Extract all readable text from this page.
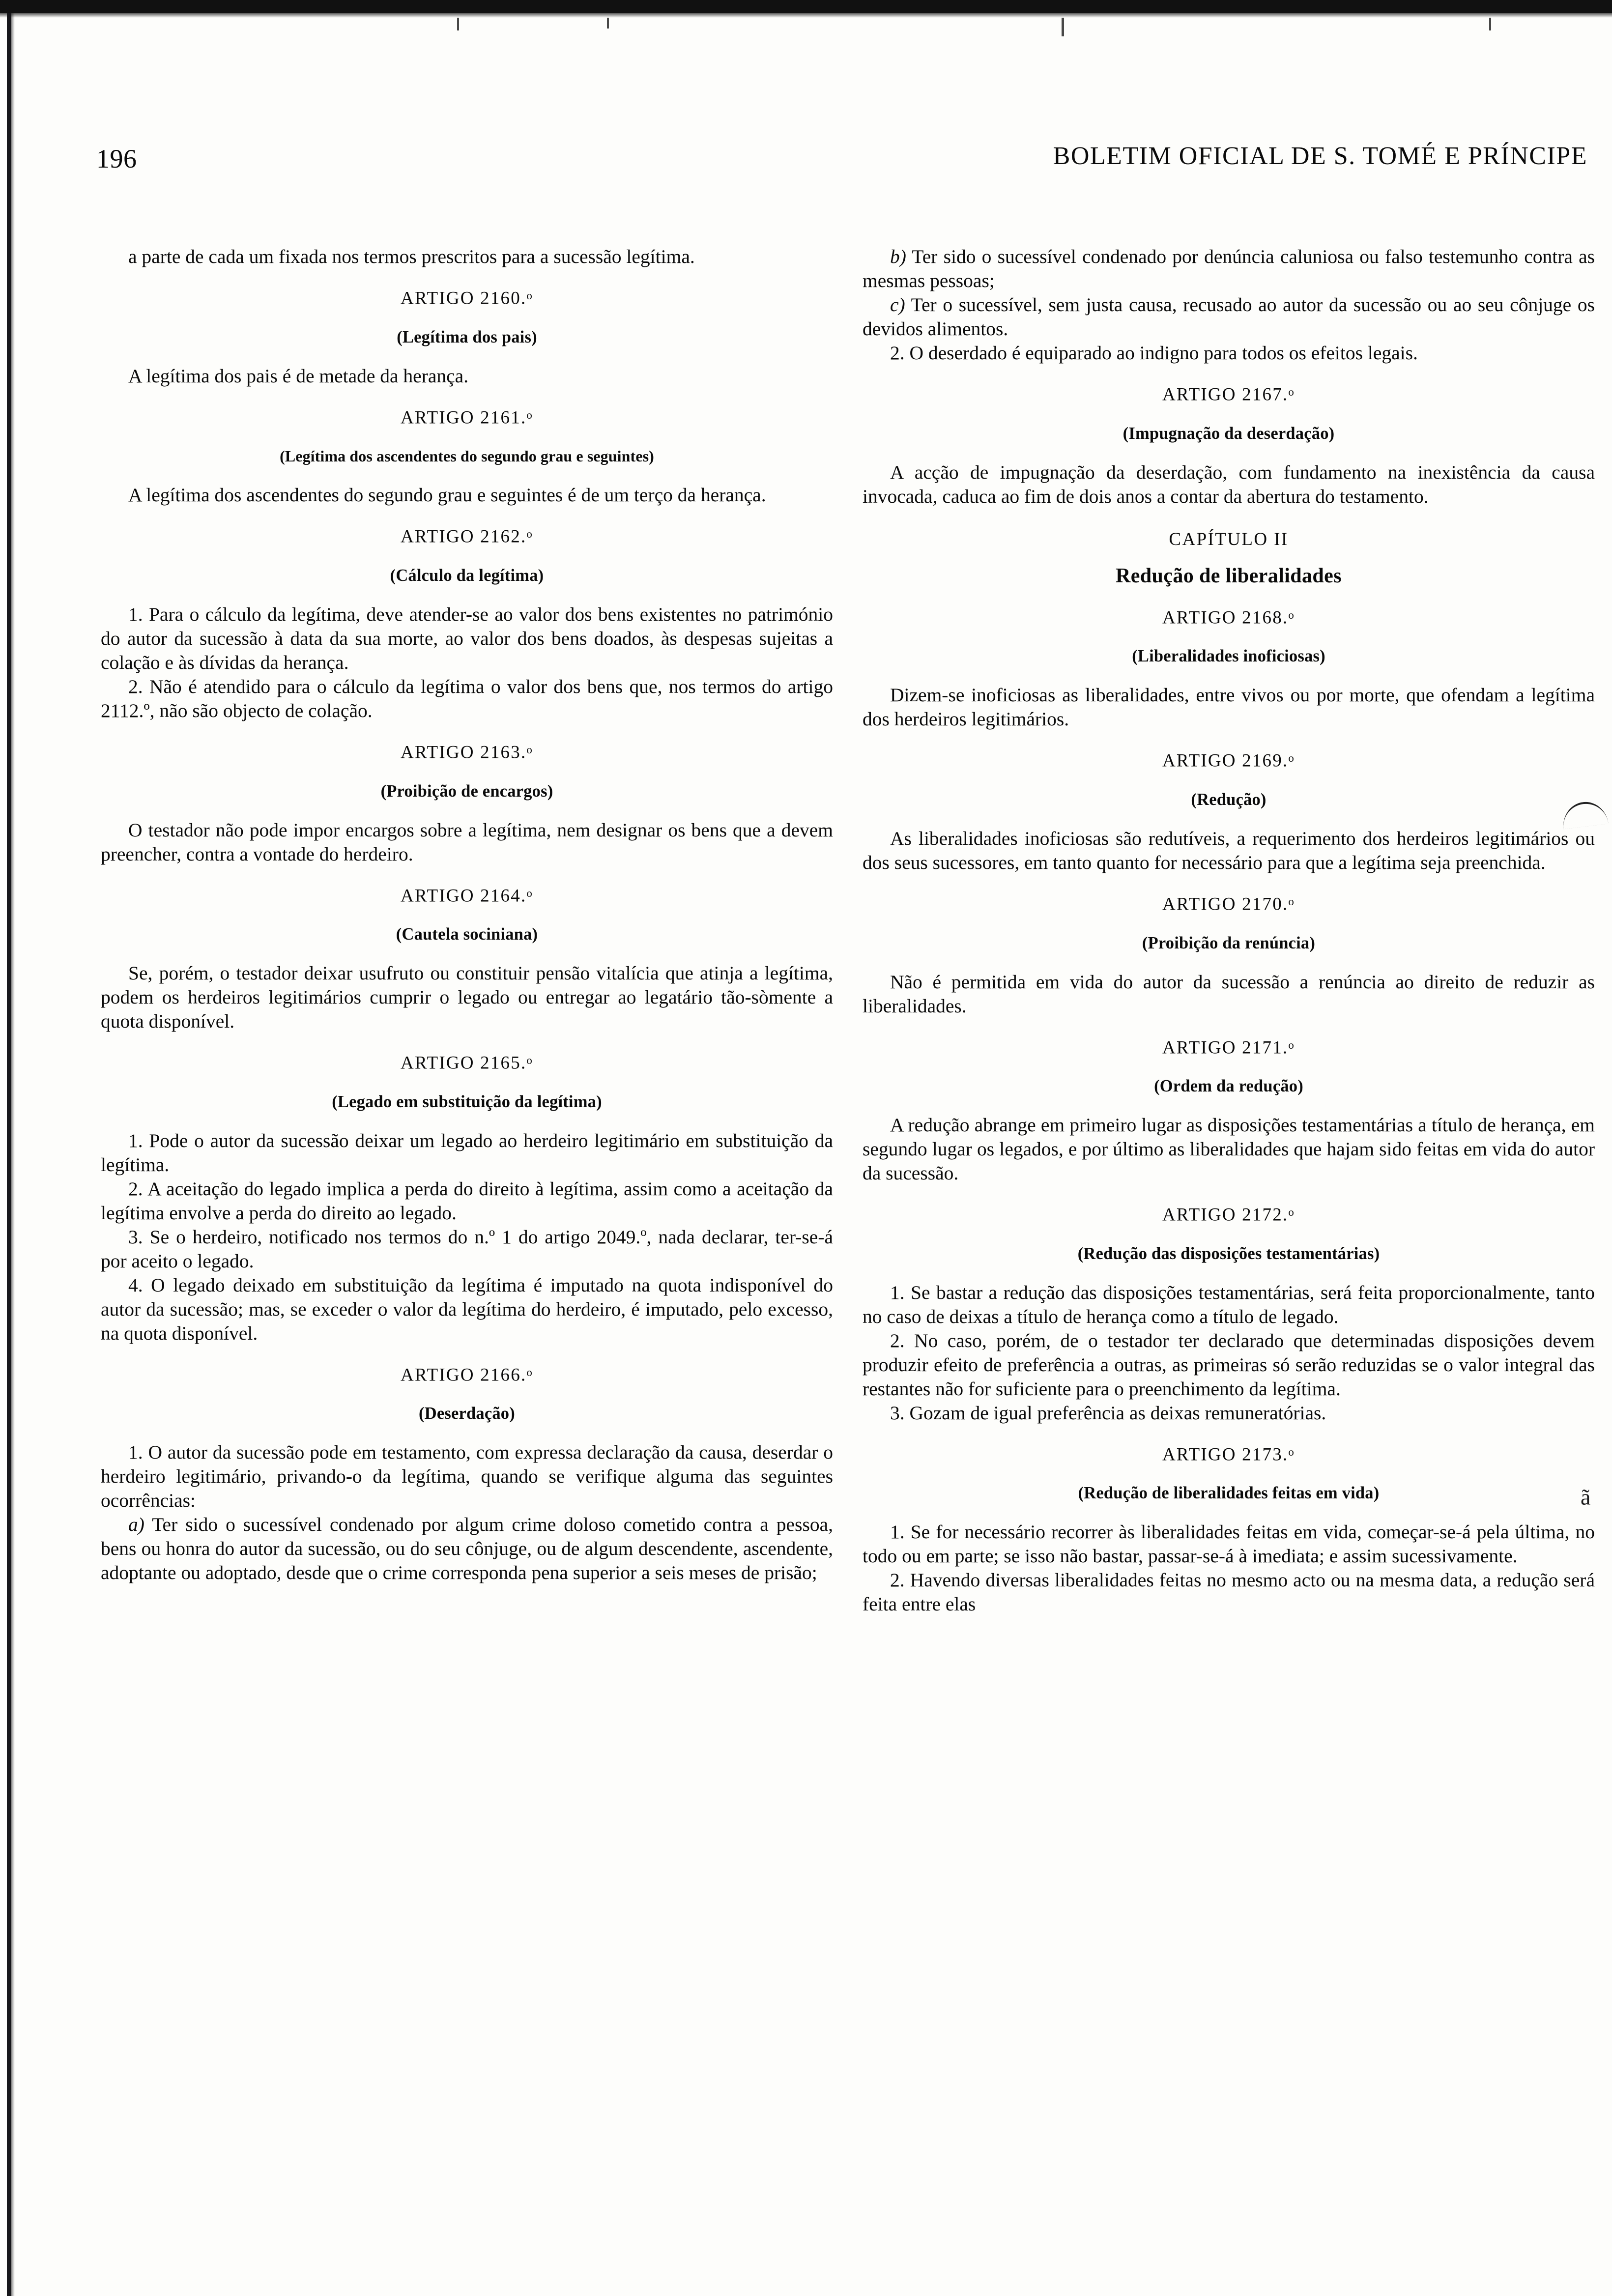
196	BOLETIM OFICIAL DE S. TOMÉ E PRÍNCIPE

a parte de cada um fixada nos termos prescritos para a sucessão legítima.

ARTIGO 2160.$^o$

(Legítima dos pais)

A legítima dos pais é de metade da herança.

ARTIGO 2161.$^o$

(Legítima dos ascendentes do segundo grau e seguintes)

A legítima dos ascendentes do segundo grau e seguintes é de um terço da herança.

ARTIGO 2162.$^o$

(Cálculo da legítima)

1. Para o cálculo da legítima, deve atender-se ao valor dos bens existentes no património do autor da sucessão à data da sua morte, ao valor dos bens doados, às despesas sujeitas a colação e às dívidas da herança.

2. Não é atendido para o cálculo da legítima o valor dos bens que, nos termos do artigo 2112.º, não são objecto de colação.

ARTIGO 2163.$^o$

(Proibição de encargos)

O testador não pode impor encargos sobre a legítima, nem designar os bens que a devem preencher, contra a vontade do herdeiro.

ARTIGO 2164.$^o$

(Cautela sociniana)

Se, porém, o testador deixar usufruto ou constituir pensão vitalícia que atinja a legítima, podem os herdeiros legitimários cumprir o legado ou entregar ao legatário tão-sòmente a quota disponível.

ARTIGO 2165.$^o$

(Legado em substituição da legítima)

1. Pode o autor da sucessão deixar um legado ao herdeiro legitimário em substituição da legítima.

2. A aceitação do legado implica a perda do direito à legítima, assim como a aceitação da legítima envolve a perda do direito ao legado.

3. Se o herdeiro, notificado nos termos do n.º 1 do artigo 2049.º, nada declarar, ter-se-á por aceito o legado.

4. O legado deixado em substituição da legítima é imputado na quota indisponível do autor da sucessão; mas, se exceder o valor da legítima do herdeiro, é imputado, pelo excesso, na quota disponível.

ARTIGO 2166.$^o$

(Deserdação)

1. O autor da sucessão pode em testamento, com expressa declaração da causa, deserdar o herdeiro legitimário, privando-o da legítima, quando se verifique alguma das seguintes ocorrências:

a) Ter sido o sucessível condenado por algum crime doloso cometido contra a pessoa, bens ou honra do autor da sucessão, ou do seu cônjuge, ou de algum descendente, ascendente, adoptante ou adoptado, desde que o crime corresponda pena superior a seis meses de prisão;

b) Ter sido o sucessível condenado por denúncia caluniosa ou falso testemunho contra as mesmas pessoas;

c) Ter o sucessível, sem justa causa, recusado ao autor da sucessão ou ao seu cônjuge os devidos alimentos.

2. O deserdado é equiparado ao indigno para todos os efeitos legais.

ARTIGO 2167.$^o$

(Impugnação da deserdação)

A acção de impugnação da deserdação, com fundamento na inexistência da causa invocada, caduca ao fim de dois anos a contar da abertura do testamento.

CAPÍTULO II

Redução de liberalidades

ARTIGO 2168.$^o$

(Liberalidades inoficiosas)

Dizem-se inoficiosas as liberalidades, entre vivos ou por morte, que ofendam a legítima dos herdeiros legitimários.

ARTIGO 2169.$^o$

(Redução)

As liberalidades inoficiosas são redutíveis, a requerimento dos herdeiros legitimários ou dos seus sucessores, em tanto quanto for necessário para que a legítima seja preenchida.

ARTIGO 2170.$^o$

(Proibição da renúncia)

Não é permitida em vida do autor da sucessão a renúncia ao direito de reduzir as liberalidades.

ARTIGO 2171.$^o$

(Ordem da redução)

A redução abrange em primeiro lugar as disposições testamentárias a título de herança, em segundo lugar os legados, e por último as liberalidades que hajam sido feitas em vida do autor da sucessão.

ARTIGO 2172.$^o$

(Redução das disposições testamentárias)

1. Se bastar a redução das disposições testamentárias, será feita proporcionalmente, tanto no caso de deixas a título de herança como a título de legado.

2. No caso, porém, de o testador ter declarado que determinadas disposições devem produzir efeito de preferência a outras, as primeiras só serão reduzidas se o valor integral das restantes não for suficiente para o preenchimento da legítima.

3. Gozam de igual preferência as deixas remuneratórias.

ARTIGO 2173.$^o$

(Redução de liberalidades feitas em vida)

1. Se for necessário recorrer às liberalidades feitas em vida, começar-se-á pela última, no todo ou em parte; se isso não bastar, passar-se-á à imediata; e assim sucessivamente.

2. Havendo diversas liberalidades feitas no mesmo acto ou na mesma data, a redução será feita entre elas

ã
